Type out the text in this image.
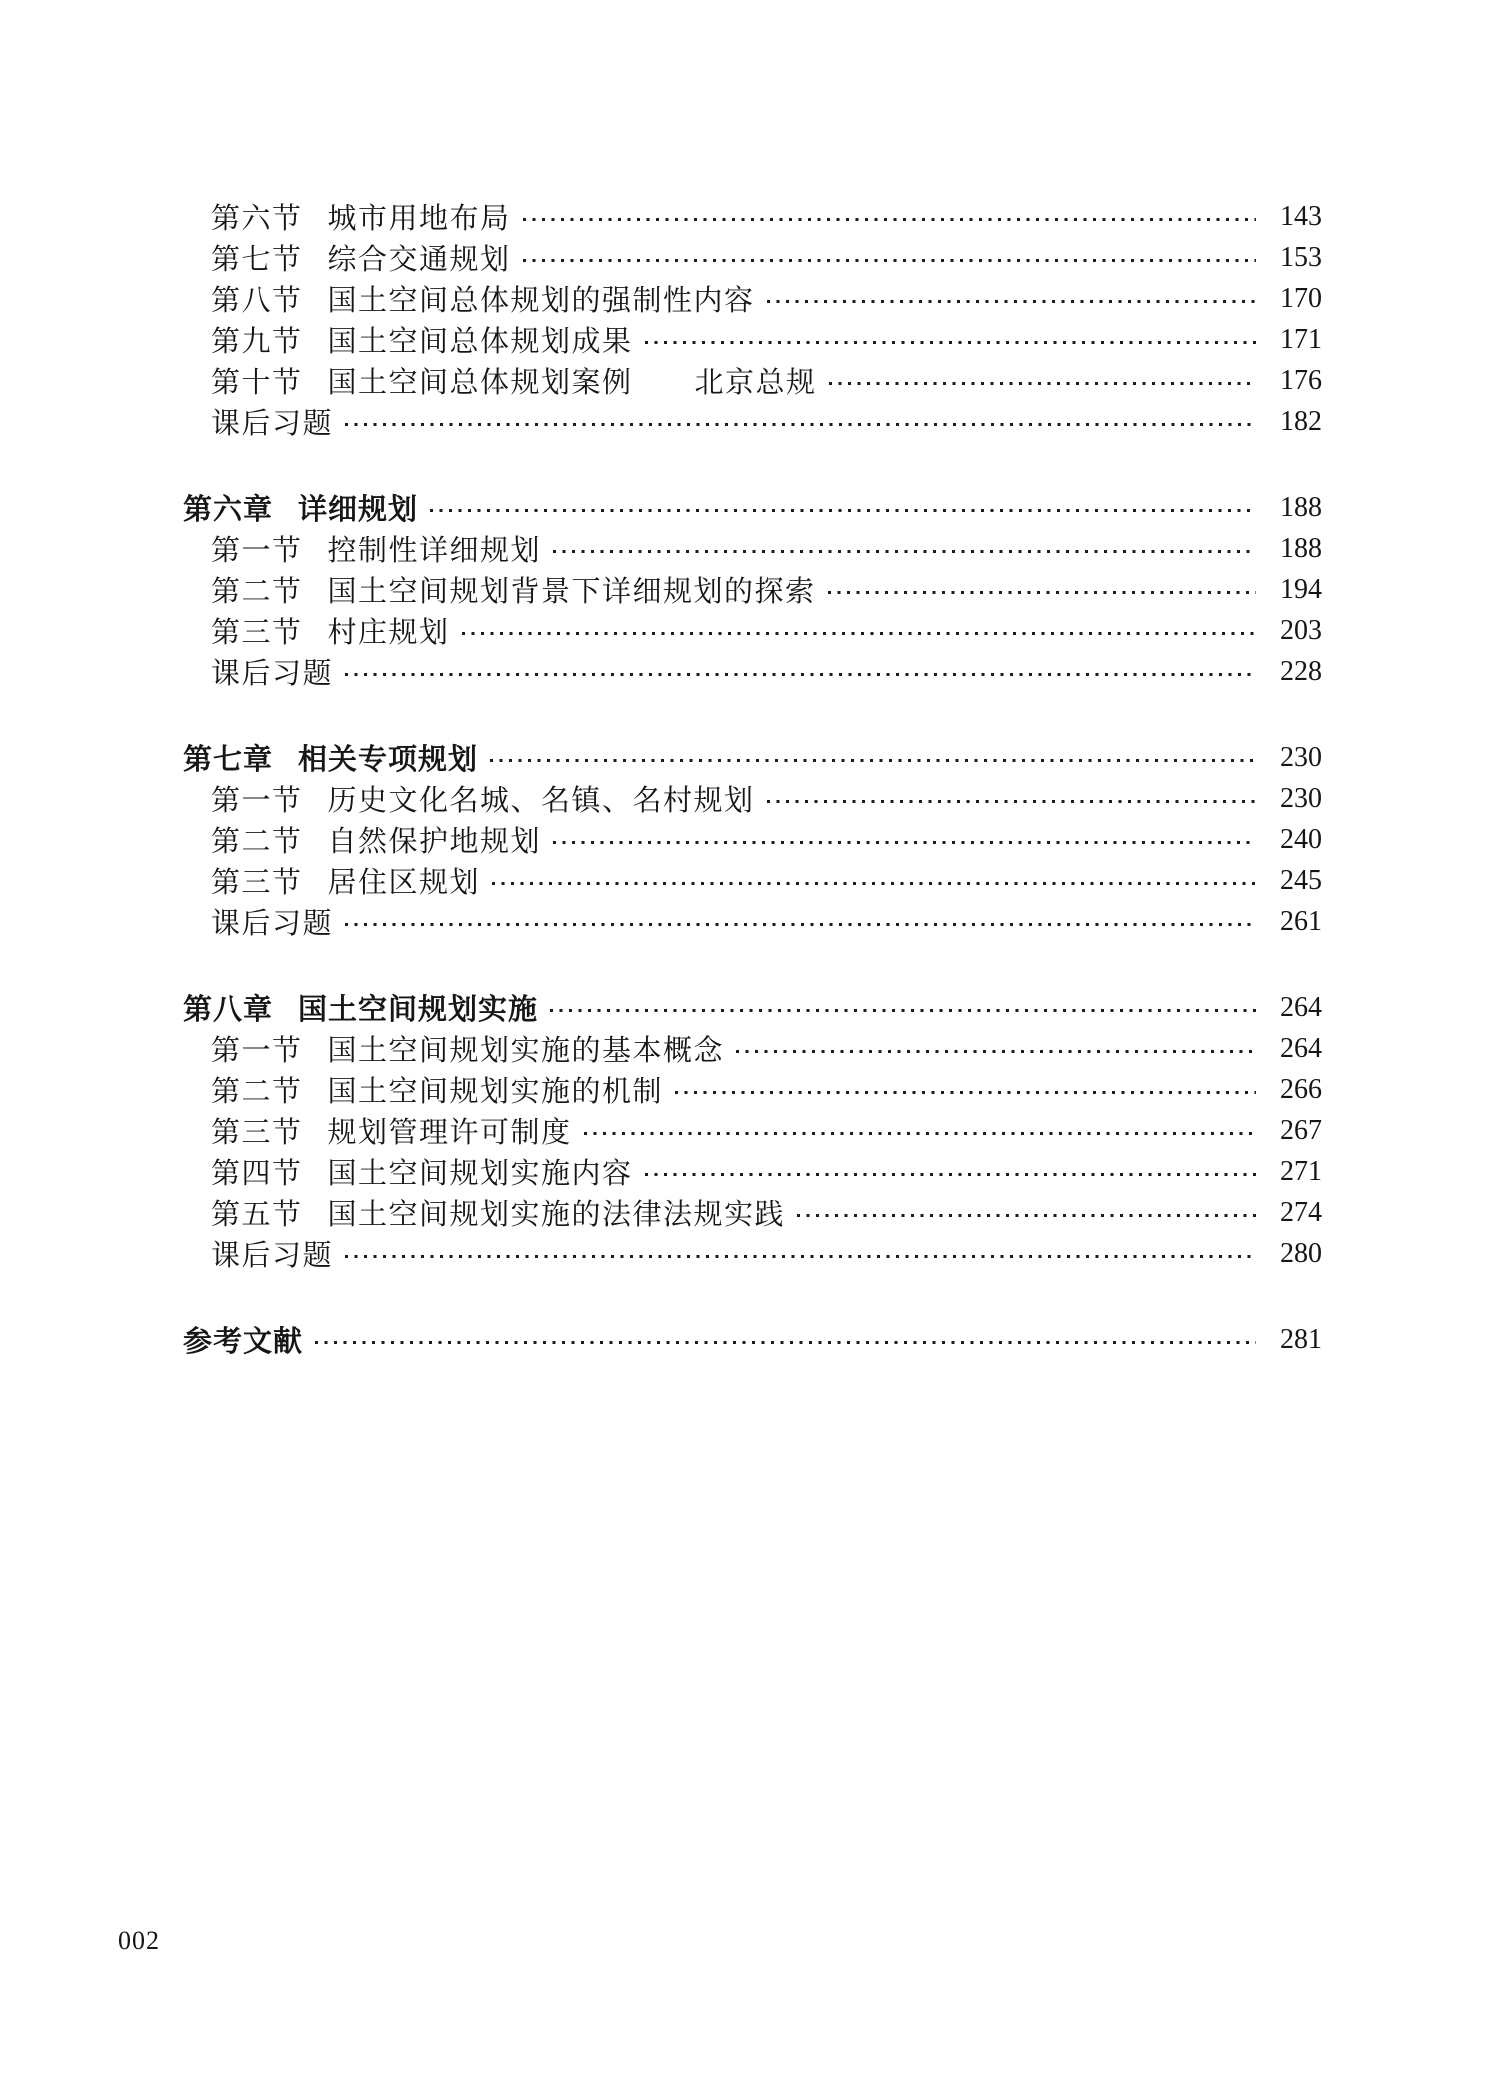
第六节 城市用地布局	143
第七节 综合交通规划	153
第八节 国土空间总体规划的强制性内容	170
第九节 国土空间总体规划成果	171
第十节 国土空间总体规划案例 北京总规	176
课后习题	182
第六章 详细规划	188
第一节 控制性详细规划	188
第二节 国土空间规划背景下详细规划的探索	194
第三节 村庄规划	203
课后习题	228
第七章 相关专项规划	230
第一节 历史文化名城、名镇、名村规划	230
第二节 自然保护地规划	240
第三节 居住区规划	245
课后习题	261
第八章 国土空间规划实施	264
第一节 国土空间规划实施的基本概念	264
第二节 国土空间规划实施的机制	266
第三节 规划管理许可制度	267
第四节 国土空间规划实施内容	271
第五节 国土空间规划实施的法律法规实践	274
课后习题	280
参考文献	281
002
